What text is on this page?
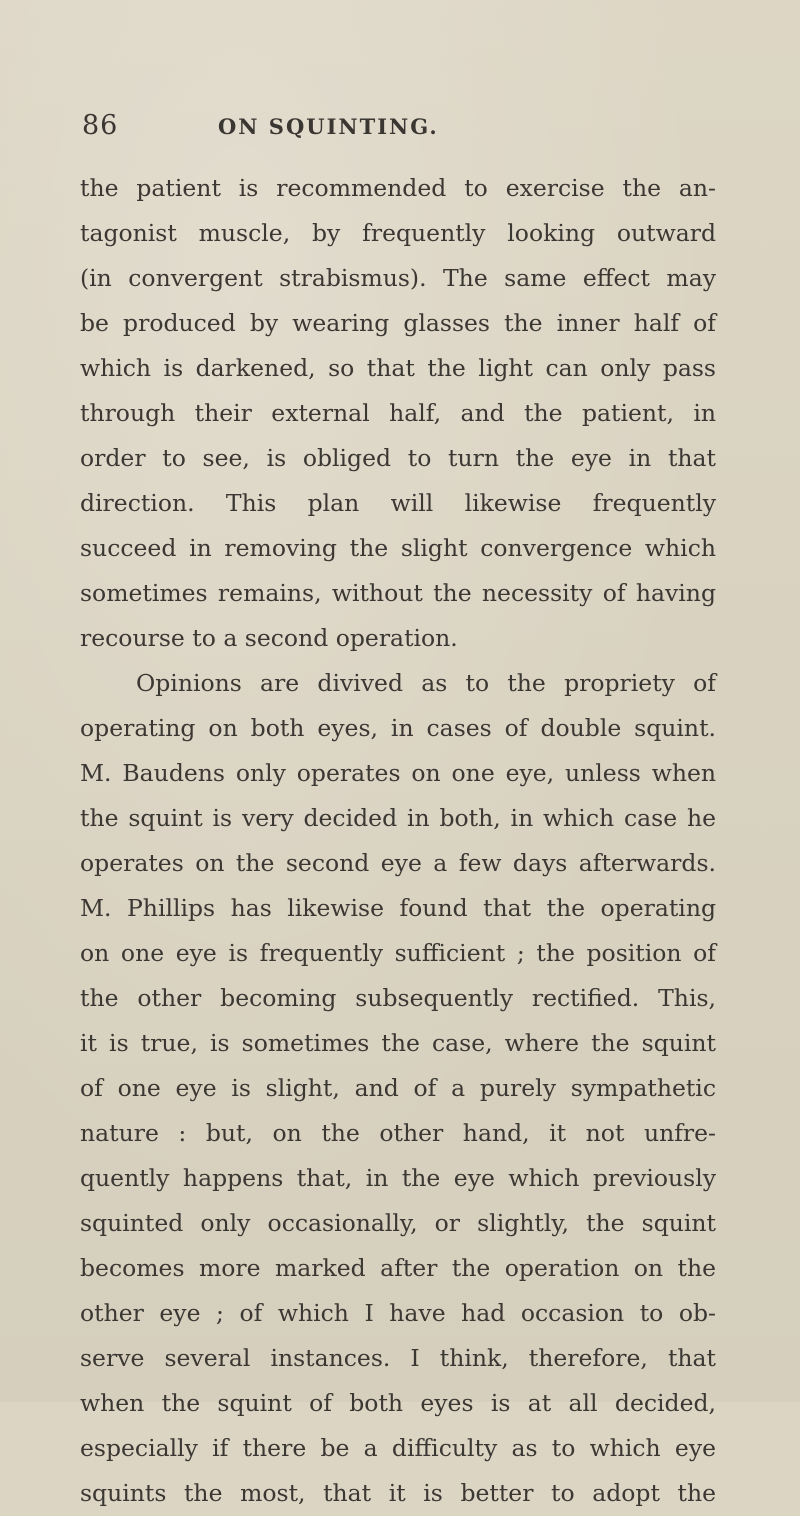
86	ON SQUINTING.
the patient is recommended to exercise the an-
tagonist muscle, by frequently looking outward
(in convergent strabismus). The same effect may
be produced by wearing glasses the inner half of
which is darkened, so that the light can only pass
through their external half, and the patient, in
order to see, is obliged to turn the eye in that
direction. This plan will likewise frequently
succeed in removing the slight convergence which
sometimes remains, without the necessity of having
recourse to a second operation.
Opinions are divived as to the propriety of
operating on both eyes, in cases of double squint.
M. Baudens only operates on one eye, unless when
the squint is very decided in both, in which case he
operates on the second eye a few days afterwards.
M. Phillips has likewise found that the operating
on one eye is frequently sufficient ; the position of
the other becoming subsequently rectified. This,
it is true, is sometimes the case, where the squint
of one eye is slight, and of a purely sympathetic
nature : but, on the other hand, it not unfre-
quently happens that, in the eye which previously
squinted only occasionally, or slightly, the squint
becomes more marked after the operation on the
other eye ; of which I have had occasion to ob-
serve several instances. I think, therefore, that
when the squint of both eyes is at all decided,
especially if there be a difficulty as to which eye
squints the most, that it is better to adopt the
